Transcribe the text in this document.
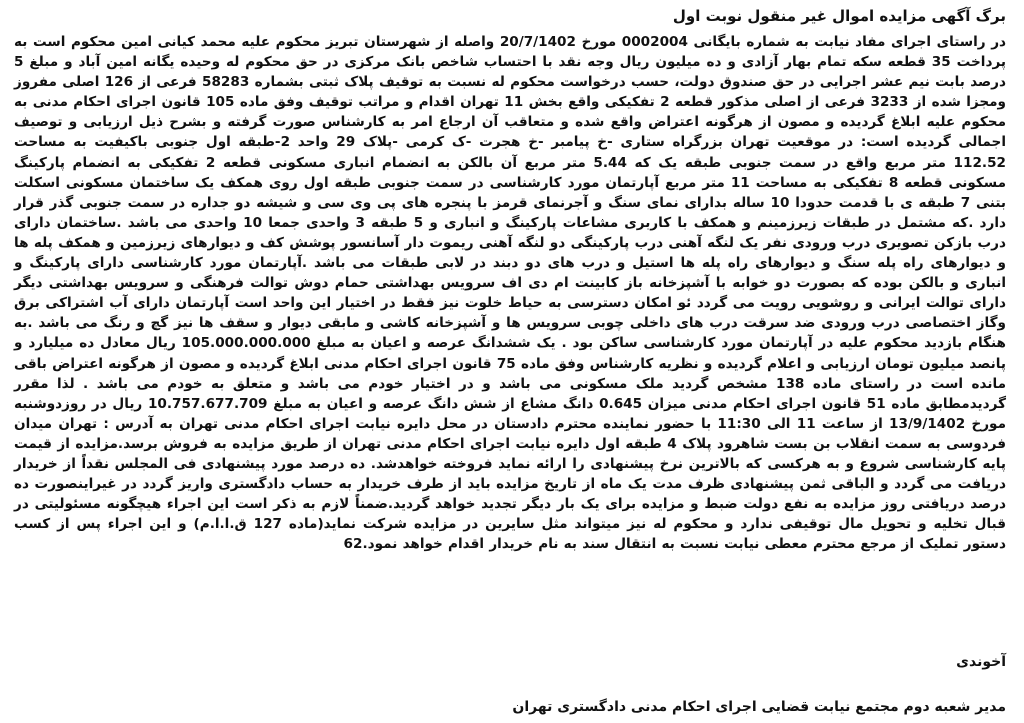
برگ آگهی مزایده اموال غیر منقول نوبت اول

در راستای اجرای مفاد نیابت به شماره بایگانی 0002004 مورخ 20/7/1402 واصله از شهرستان تبریز محکوم علیه محمد کیانی امین محکوم است به پرداخت 35 قطعه سکه تمام بهار آزادی و ده میلیون ریال وجه نقد با احتساب شاخص بانک مرکزی در حق محکوم له وحیده یگانه امین آباد و مبلغ 5 درصد بابت نیم عشر اجرایی در حق صندوق دولت، حسب درخواست محکوم له نسبت به توقیف پلاک ثبتی بشماره 58283 فرعی از 126 اصلی مفروز ومجزا شده از 3233 فرعی از اصلی مذکور قطعه 2 تفکیکی واقع بخش 11 تهران اقدام و مراتب توقیف وفق ماده 105 قانون اجرای احکام مدنی به محکوم علیه ابلاغ گردیده و مصون از هرگونه اعتراض واقع شده و متعاقب آن ارجاع امر به کارشناس صورت گرفته و بشرح ذیل ارزیابی و توصیف اجمالی گردیده است: در موقعیت تهران بزرگراه ستاری -خ پیامبر -خ هجرت -ک کرمی -پلاک 29 واحد 2-طبقه اول جنوبی باکیفیت به مساحت 112.52 متر مربع واقع در سمت جنوبی طبقه یک که 5.44 متر مربع آن بالکن به انضمام انباری مسکونی قطعه 2 تفکیکی به انضمام پارکینگ مسکونی قطعه 8 تفکیکی به مساحت 11 متر مربع آپارتمان مورد کارشناسی در سمت جنوبی طبقه اول روی همکف یک ساختمان مسکونی اسکلت بتنی 7 طبقه ی با قدمت حدودا 10 ساله بدارای نمای سنگ و آجرنمای قرمز با پنجره های پی وی سی و شیشه دو جداره در سمت جنوبی گذر قرار دارد .که مشتمل در طبقات زیرزمینم و همکف با کاربری مشاعات پارکینگ و انباری و 5 طبقه 3 واحدی جمعا 10 واحدی می باشد .ساختمان دارای درب بازکن تصویری درب ورودی نفر یک لنگه آهنی درب پارکینگی دو لنگه آهنی ریموت دار آسانسور پوشش کف و دیوارهای زیرزمین و همکف پله ها و دیوارهای راه پله سنگ و دیوارهای راه پله ها استیل و درب های دو دبند در لابی طبقات می باشد .آپارتمان مورد کارشناسی دارای پارکینگ و انباری و بالکن بوده که بصورت دو خوابه با آشپزخانه باز کابینت ام دی اف سرویس بهداشتی حمام دوش توالت فرهنگی و سرویس بهداشتی دیگر دارای توالت ایرانی و روشویی رویت می گردد ئو امکان دسترسی به حیاط خلوت نیز فقط در اختیار این واحد است آپارتمان دارای آب اشتراکی برق وگاز اختصاصی درب ورودی ضد سرقت درب های داخلی چوبی سرویس ها و آشپزخانه کاشی و مابقی دیوار و سقف ها نیز گچ و رنگ می باشد .به هنگام بازدید محکوم علیه در آپارتمان مورد کارشناسی ساکن بود . یک ششدانگ عرصه و اعیان به مبلغ 105.000.000.000 ریال معادل ده میلیارد و پانصد میلیون تومان ارزیابی و اعلام گردیده و نظریه کارشناس وفق ماده 75 قانون اجرای احکام مدنی ابلاغ گردیده و مصون از هرگونه اعتراض باقی مانده است در راستای ماده 138 مشخص گردید ملک مسکونی می باشد و در اختیار خودم می باشد و متعلق به خودم می باشد . لذا مقرر گردیدمطابق ماده 51 قانون اجرای احکام مدنی میزان 0.645 دانگ مشاع از شش دانگ عرصه و اعیان به مبلغ 10.757.677.709 ریال در روزدوشنبه مورخ 13/9/1402 از ساعت 11 الی 11:30 با حضور نماینده محترم دادستان در محل دایره نیابت اجرای احکام مدنی تهران به آدرس : تهران میدان فردوسی به سمت انقلاب بن بست شاهرود پلاک 4 طبقه اول دایره نیابت اجرای احکام مدنی تهران از طریق مزایده به فروش برسد.مزایده از قیمت پایه کارشناسی شروع و به هرکسی که بالاترین نرخ پیشنهادی را ارائه نماید فروخته خواهدشد. ده درصد مورد پیشنهادی فی المجلس نقداً از خریدار دریافت می گردد و الباقی ثمن پیشنهادی ظرف مدت یک ماه از تاریخ مزایده باید از طرف خریدار به حساب دادگستری واریز گردد در غیراینصورت ده درصد دریافتی روز مزایده به نفع دولت ضبط و مزایده برای یک بار دیگر تجدید خواهد گردید.ضمناً لازم به ذکر است این اجراء هیچگونه مسئولیتی در قبال تخلیه و تحویل مال توقیفی ندارد و محکوم له نیز میتواند مثل سایرین در مزایده شرکت نماید(ماده 127 ق.ا.ا.م) و این اجراء پس از کسب دستور تملیک از مرجع محترم معطی نیابت نسبت به انتقال سند به نام خریدار اقدام خواهد نمود.62

آخوندی
مدیر شعبه دوم مجتمع نیابت قضایی اجرای احکام مدنی دادگستری تهران
